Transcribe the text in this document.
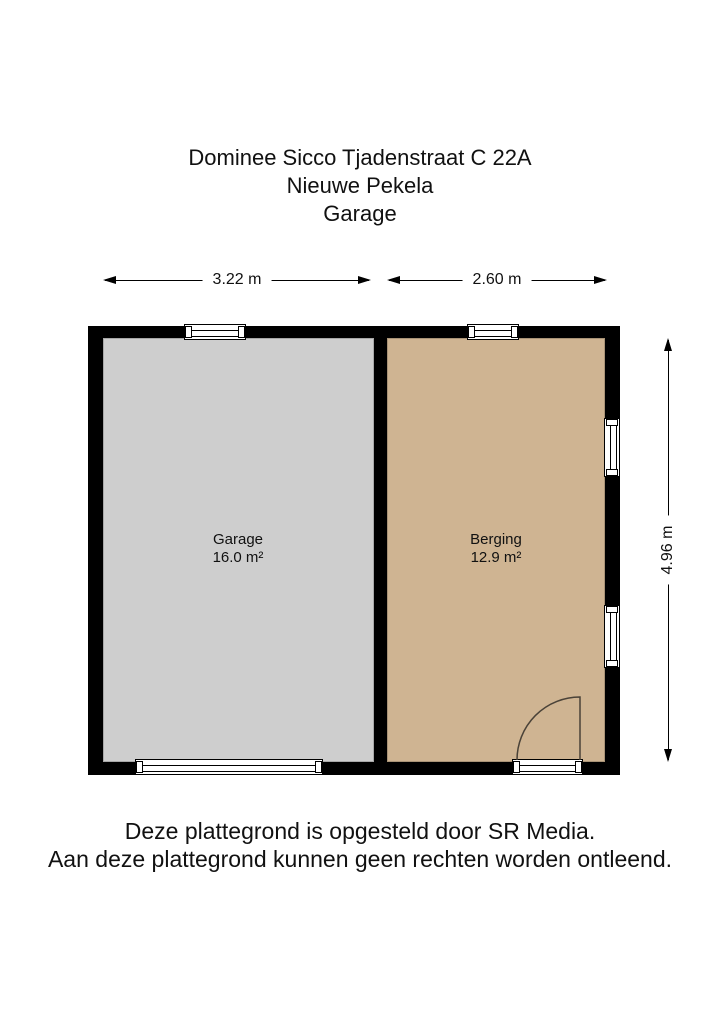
Dominee Sicco Tjadenstraat C 22A
Nieuwe Pekela
Garage
3.22 m	2.60 m
4.96 m
Garage
16.0 m²
Berging
12.9 m²
Deze plattegrond is opgesteld door SR Media.
Aan deze plattegrond kunnen geen rechten worden ontleend.
